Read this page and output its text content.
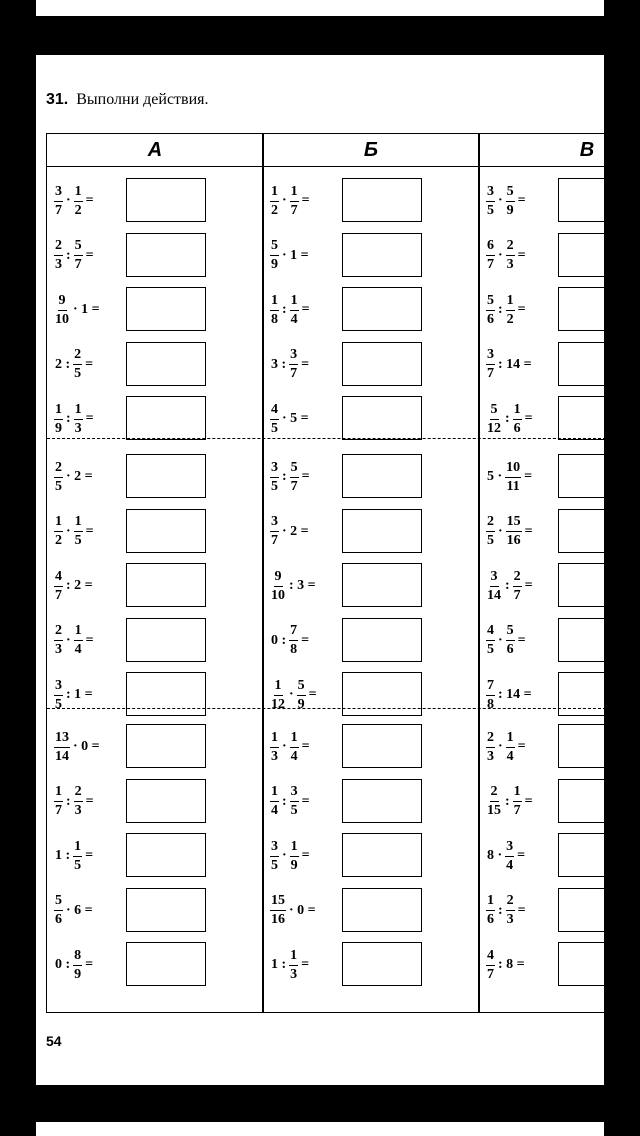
31. Выполни действия.
А
$\frac{3}{7} \cdot \frac{1}{2}$ =
$\frac{2}{3}$ : $\frac{5}{7}$ =
$\frac{9}{10} \cdot 1$ =
2 : $\frac{2}{5}$ =
$\frac{1}{9}$ : $\frac{1}{3}$ =
$\frac{2}{5} \cdot 2$ =
$\frac{1}{2} \cdot \frac{1}{5}$ =
$\frac{4}{7}$ : 2 =
$\frac{2}{3} \cdot \frac{1}{4}$ =
$\frac{3}{5}$ : 1 =
$\frac{13}{14} \cdot 0$ =
$\frac{1}{7}$ : $\frac{2}{3}$ =
1 : $\frac{1}{5}$ =
$\frac{5}{6} \cdot 6$ =
0 : $\frac{8}{9}$ =
Б
$\frac{1}{2} \cdot \frac{1}{7}$ =
$\frac{5}{9} \cdot 1$ =
$\frac{1}{8}$ : $\frac{1}{4}$ =
3 : $\frac{3}{7}$ =
$\frac{4}{5} \cdot 5$ =
$\frac{3}{5}$ : $\frac{5}{7}$ =
$\frac{3}{7} \cdot 2$ =
$\frac{9}{10}$ : 3 =
0 : $\frac{7}{8}$ =
$\frac{1}{12} \cdot \frac{5}{9}$ =
$\frac{1}{3} \cdot \frac{1}{4}$ =
$\frac{1}{4}$ : $\frac{3}{5}$ =
$\frac{3}{5} \cdot \frac{1}{9}$ =
$\frac{15}{16} \cdot 0$ =
1 : $\frac{1}{3}$ =
В
$\frac{3}{5} \cdot \frac{5}{9}$ =
$\frac{6}{7} \cdot \frac{2}{3}$ =
$\frac{5}{6}$ : $\frac{1}{2}$ =
$\frac{3}{7}$ : 14 =
$\frac{5}{12}$ : $\frac{1}{6}$ =
$5 \cdot \frac{10}{11}$ =
$\frac{2}{5} \cdot \frac{15}{16}$ =
$\frac{3}{14}$ : $\frac{2}{7}$ =
$\frac{4}{5} \cdot \frac{5}{6}$ =
$\frac{7}{8}$ : 14 =
$\frac{2}{3} \cdot \frac{1}{4}$ =
$\frac{2}{15}$ : $\frac{1}{7}$ =
$8 \cdot \frac{3}{4}$ =
$\frac{1}{6}$ : $\frac{2}{3}$ =
$\frac{4}{7}$ : 8 =
54
